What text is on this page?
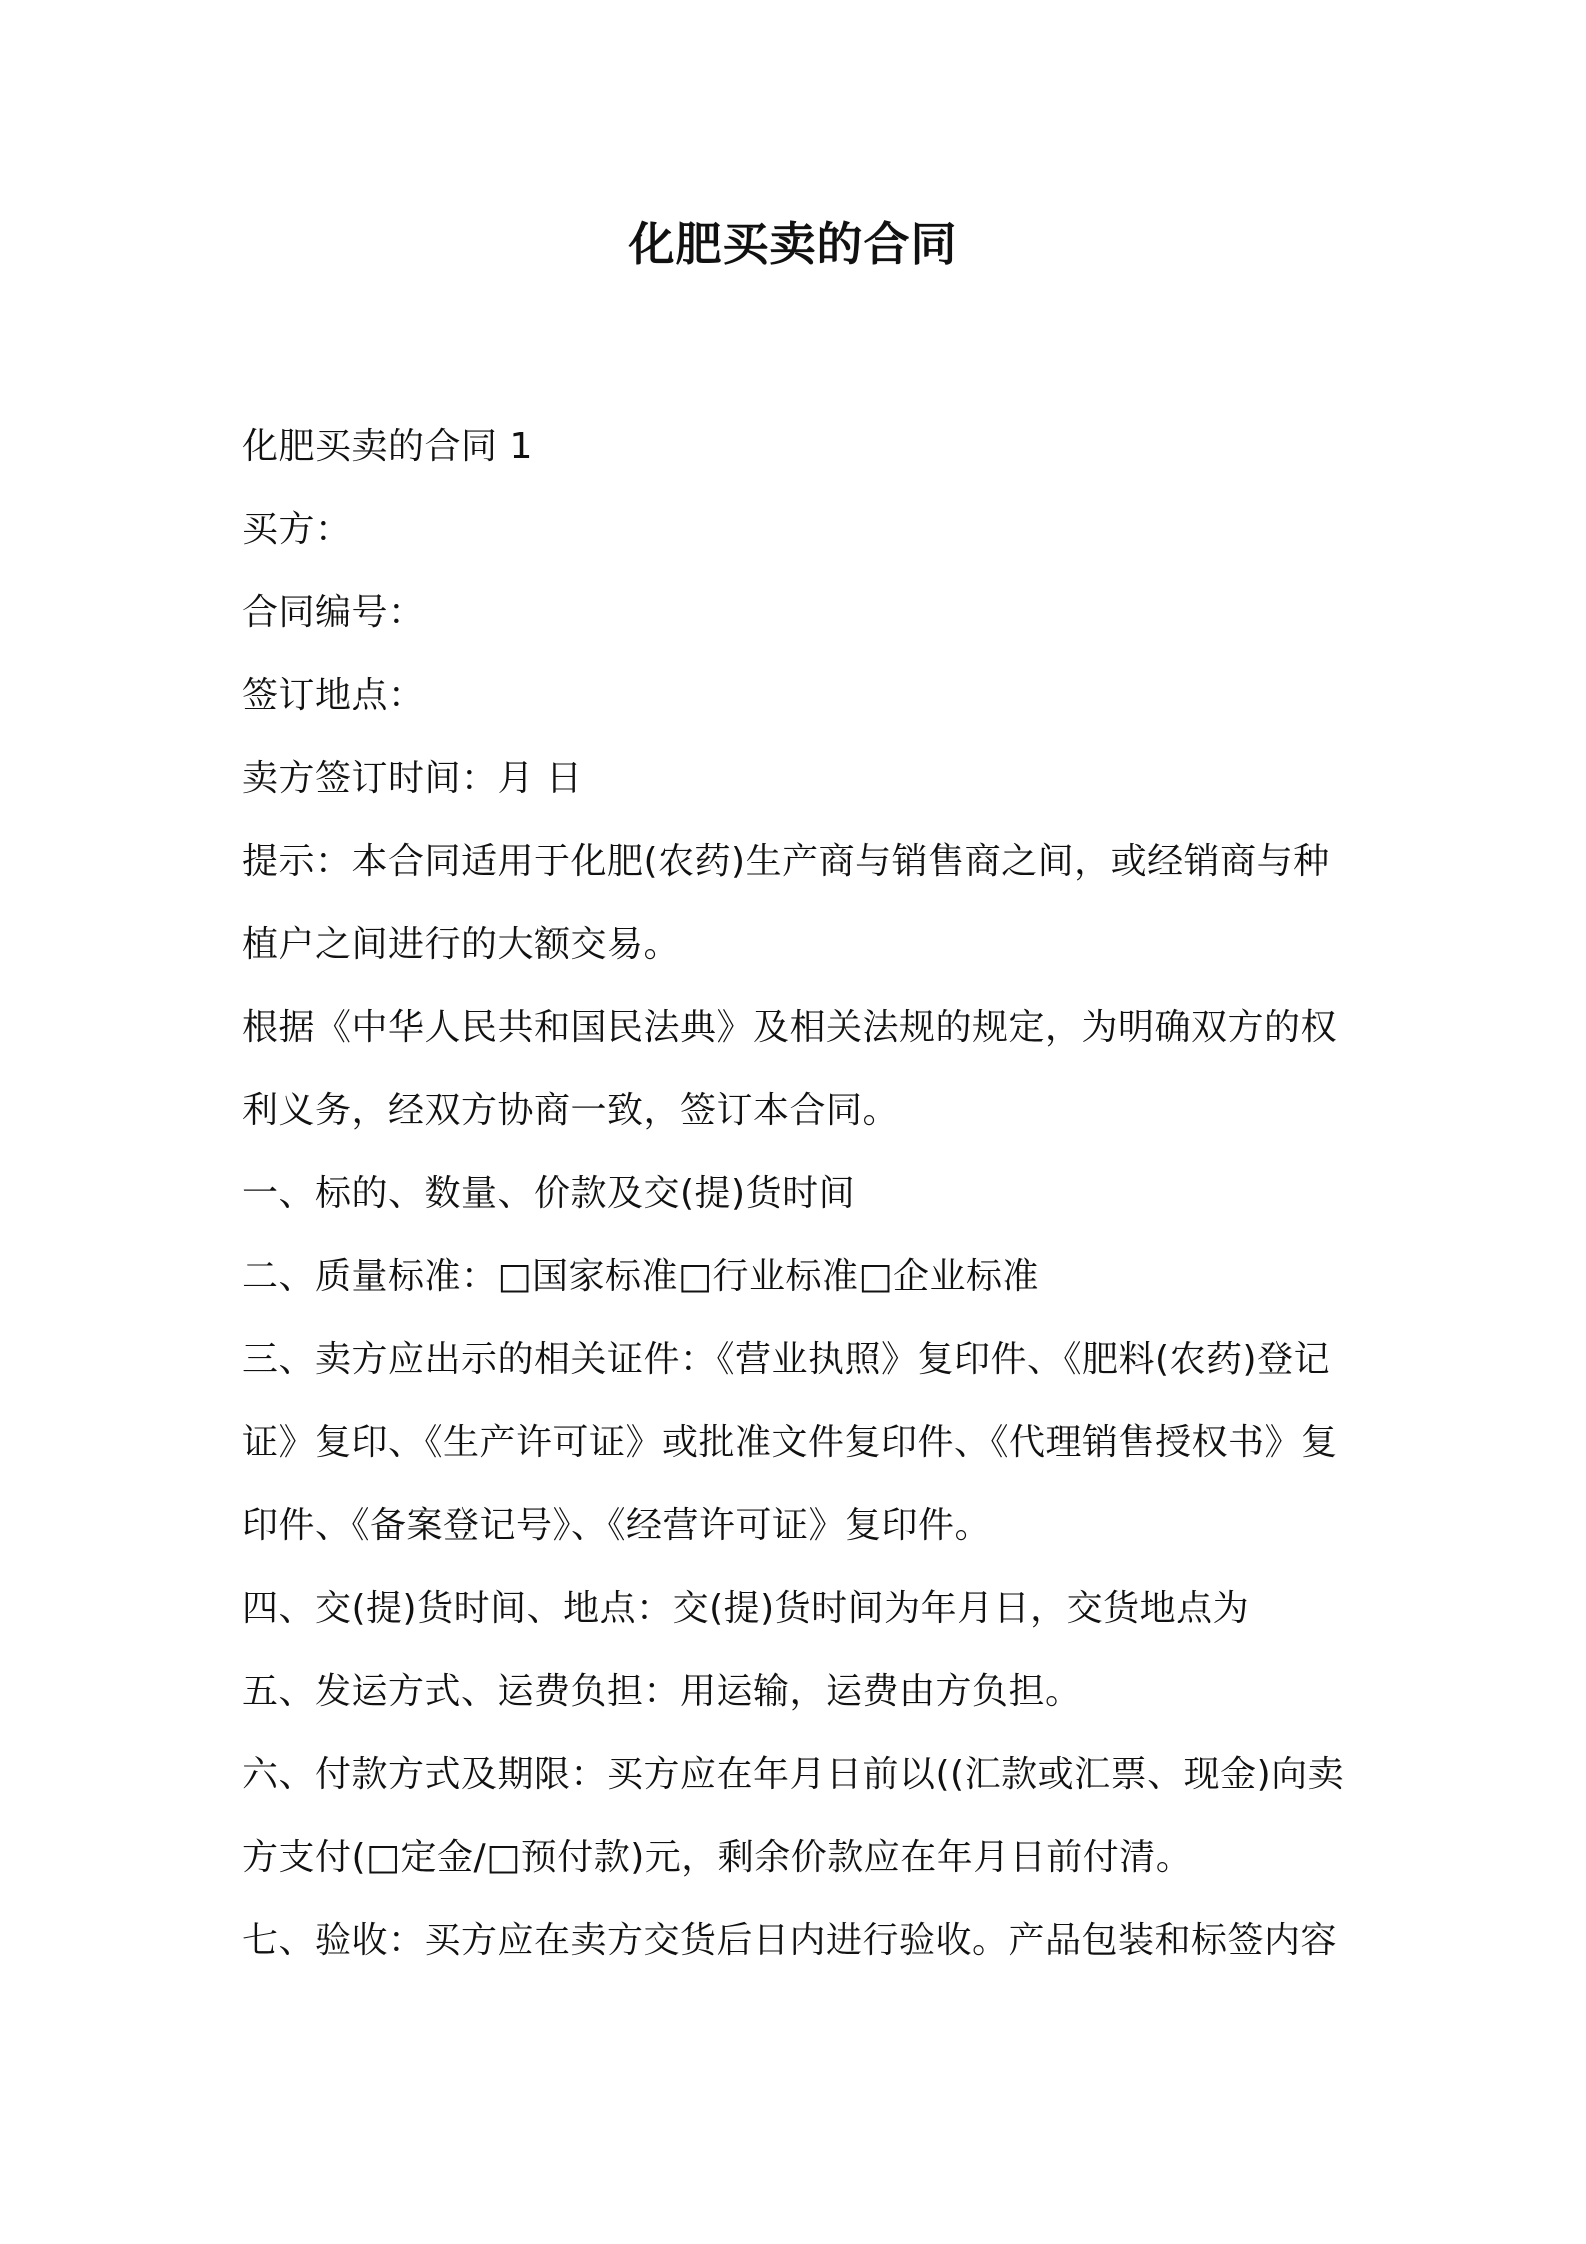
化肥买卖的合同

化肥买卖的合同 1

买方：

合同编号：

签订地点：

卖方签订时间：月 日

提示：本合同适用于化肥(农药)生产商与销售商之间，或经销商与种

植户之间进行的大额交易。

根据《中华人民共和国民法典》及相关法规的规定，为明确双方的权

利义务，经双方协商一致，签订本合同。

一、标的、数量、价款及交(提)货时间

二、质量标准：□国家标准□行业标准□企业标准

三、卖方应出示的相关证件：《营业执照》复印件、《肥料(农药)登记

证》复印、《生产许可证》或批准文件复印件、《代理销售授权书》复

印件、《备案登记号》、《经营许可证》复印件。

四、交(提)货时间、地点：交(提)货时间为年月日，交货地点为

五、发运方式、运费负担：用运输，运费由方负担。

六、付款方式及期限：买方应在年月日前以((汇款或汇票、现金)向卖

方支付(□定金/□预付款)元，剩余价款应在年月日前付清。

七、验收：买方应在卖方交货后日内进行验收。产品包装和标签内容
